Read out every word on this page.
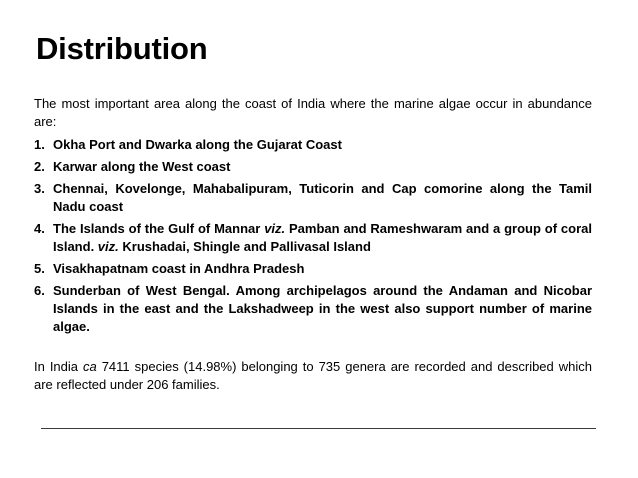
Distribution

The most important area along the coast of India where the marine algae occur in abundance are:

1. Okha Port and Dwarka along the Gujarat Coast
2. Karwar along the West coast
3. Chennai, Kovelonge, Mahabalipuram, Tuticorin and Cap comorine along the Tamil Nadu coast
4. The Islands of the Gulf of Mannar viz. Pamban and Rameshwaram and a group of coral Island. viz. Krushadai, Shingle and Pallivasal Island
5. Visakhapatnam coast in Andhra Pradesh
6. Sunderban of West Bengal. Among archipelagos around the Andaman and Nicobar Islands in the east and the Lakshadweep in the west also support number of marine algae.

In India ca 7411 species (14.98%) belonging to 735 genera are recorded and described which are reflected under 206 families.
